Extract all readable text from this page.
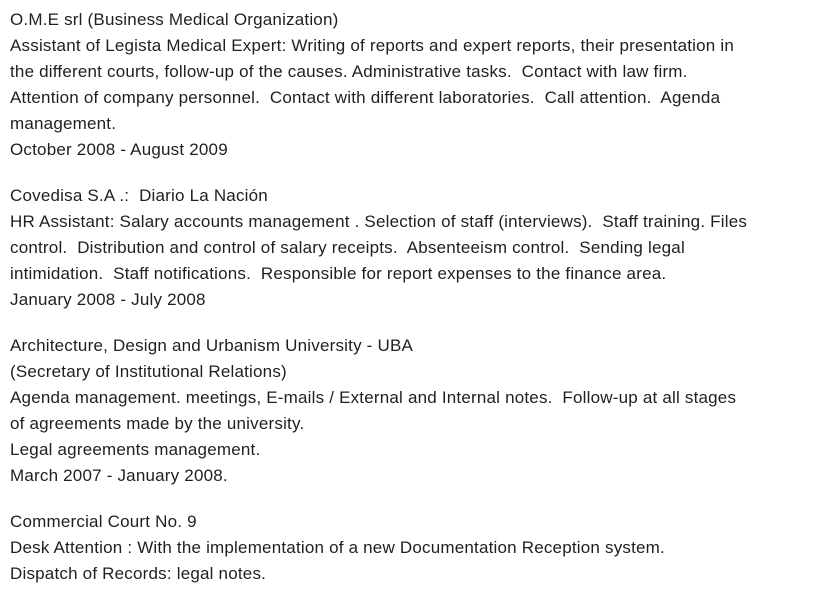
O.M.E srl (Business Medical Organization)
Assistant of Legista Medical Expert: Writing of reports and expert reports, their presentation in
the different courts, follow-up of the causes. Administrative tasks.  Contact with law firm.
Attention of company personnel.  Contact with different laboratories.  Call attention.  Agenda
management.
October 2008 - August 2009
Covedisa S.A .:  Diario La Nación
HR Assistant: Salary accounts management . Selection of staff (interviews).  Staff training. Files
control.  Distribution and control of salary receipts.  Absenteeism control.  Sending legal
intimidation.  Staff notifications.  Responsible for report expenses to the finance area.
January 2008 - July 2008
Architecture, Design and Urbanism University - UBA
(Secretary of Institutional Relations)
Agenda management. meetings, E-mails / External and Internal notes.  Follow-up at all stages
of agreements made by the university.
Legal agreements management.
March 2007 - January 2008.
Commercial Court No. 9
Desk Attention : With the implementation of a new Documentation Reception system.
Dispatch of Records: legal notes.
